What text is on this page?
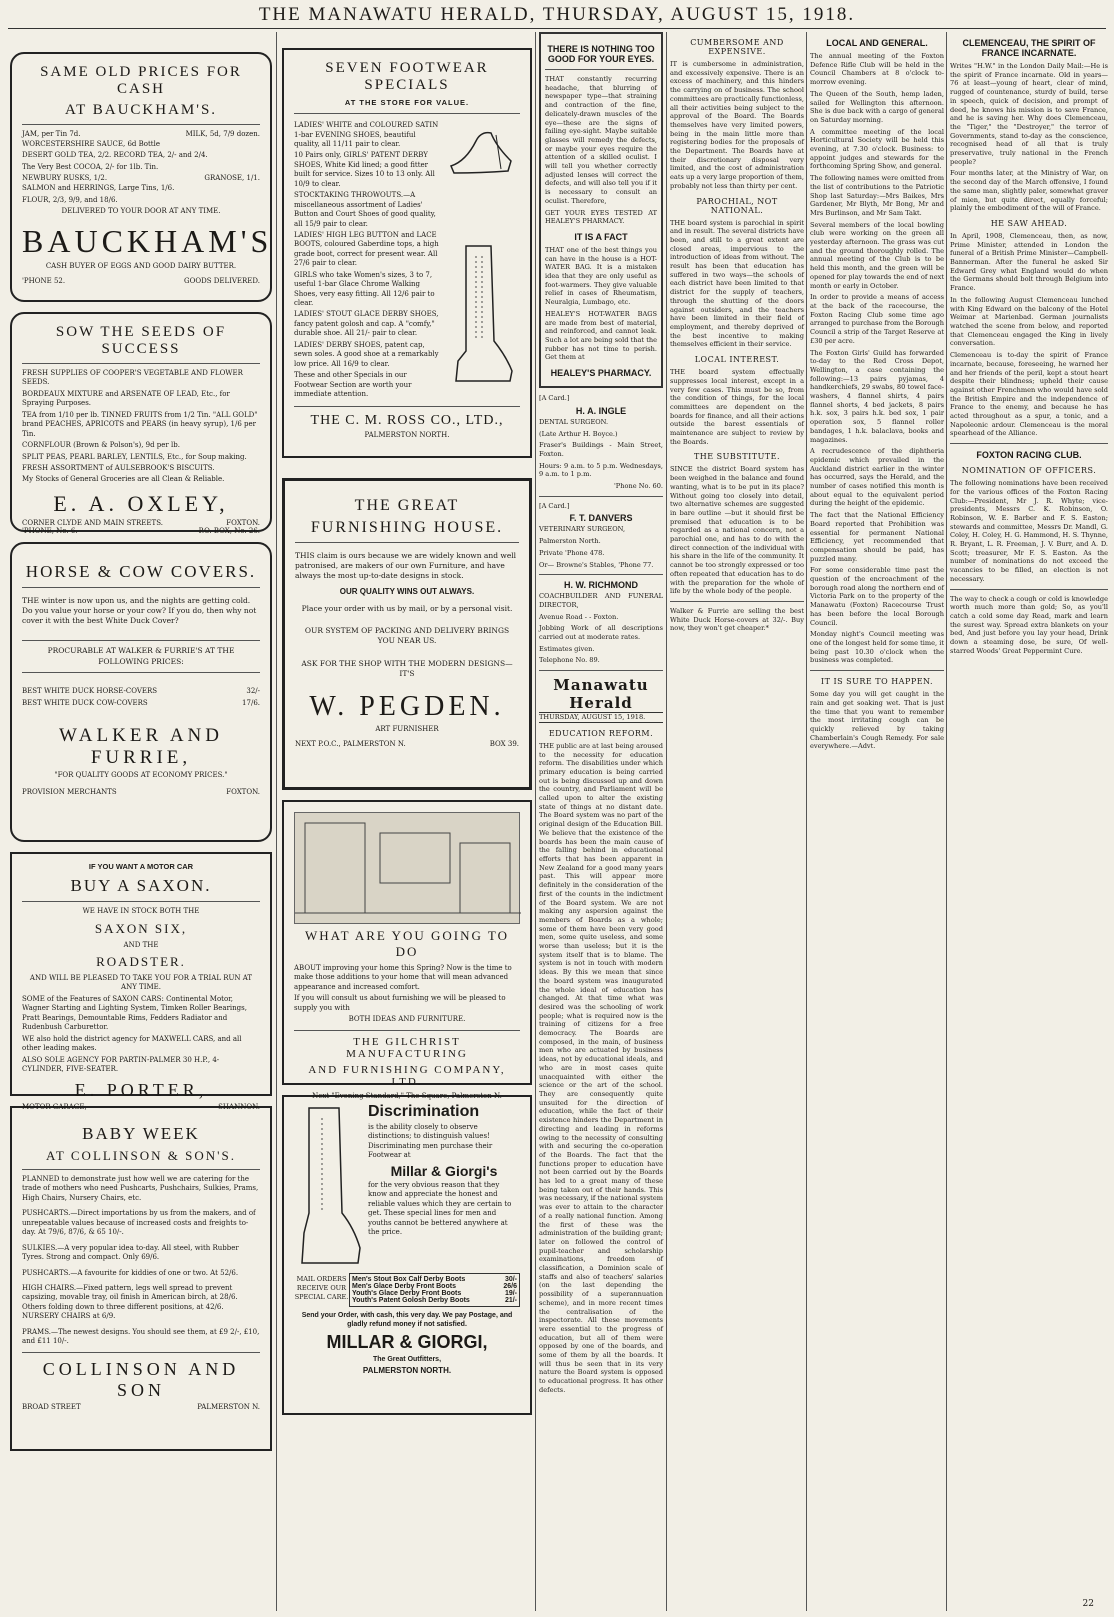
THE MANAWATU HERALD, THURSDAY, AUGUST 15, 1918.
SAME OLD PRICES FOR CASH
AT BAUCKHAM'S.
JAM, per Tin 7d.	MILK, 5d, 7/9 dozen.

WORCESTERSHIRE SAUCE, 6d Bottle

DESERT GOLD TEA, 2/2. RECORD TEA, 2/- and 2/4.

The Very Best COCOA, 2/- for 1lb. Tin.

NEWBURY RUSKS, 1/2.	GRANOSE, 1/1.

SALMON and HERRINGS, Large Tins, 1/6.

FLOUR, 2/3, 9/9, and 18/6.

DELIVERED TO YOUR DOOR AT ANY TIME.

BAUCKHAM'S

CASH BUYER OF EGGS AND GOOD DAIRY BUTTER.

'PHONE 52.	GOODS DELIVERED.
SOW THE SEEDS OF SUCCESS

FRESH SUPPLIES OF COOPER'S VEGETABLE AND FLOWER SEEDS.

BORDEAUX MIXTURE and ARSENATE OF LEAD, Etc., for Spraying Purposes.

TEA from 1/10 per lb. TINNED FRUITS from 1/2 Tin. "ALL GOLD" brand PEACHES, APRICOTS and PEARS (in heavy syrup), 1/6 per Tin.

CORNFLOUR (Brown & Polson's), 9d per lb.

SPLIT PEAS, PEARL BARLEY, LENTILS, Etc., for Soup making.

FRESH ASSORTMENT of AULSEBROOK'S BISCUITS.

My Stocks of General Groceries are all Clean & Reliable.

E. A. OXLEY,
CORNER CLYDE AND MAIN STREETS.	FOXTON.
'PHONE, No. 6.	P.O. BOX, No. 26.
HORSE & COW COVERS.

THE winter is now upon us, and the nights are getting cold. Do you value your horse or your cow? If you do, then why not cover it with the best White Duck Cover?

PROCURABLE AT WALKER & FURRIE'S AT THE FOLLOWING PRICES:

BEST WHITE DUCK HORSE-COVERS	32/-
BEST WHITE DUCK COW-COVERS	17/6.
WALKER AND FURRIE,

"FOR QUALITY GOODS AT ECONOMY PRICES."

PROVISION MERCHANTS	FOXTON.

IF YOU WANT A MOTOR CAR

BUY A SAXON.

WE HAVE IN STOCK BOTH THE

SAXON SIX,

AND THE

ROADSTER.

AND WILL BE PLEASED TO TAKE YOU FOR A TRIAL RUN AT ANY TIME.

SOME of the Features of SAXON CARS: Continental Motor, Wagner Starting and Lighting System, Timken Roller Bearings, Pratt Bearings, Demountable Rims, Fedders Radiator and Rudenbush Carburettor.

WE also hold the district agency for MAXWELL CARS, and all other leading makes.

ALSO SOLE AGENCY FOR PARTIN-PALMER 30 H.P., 4-CYLINDER, FIVE-SEATER.

E. PORTER,
MOTOR GARAGE,	SHANNON.
BABY WEEK
AT COLLINSON & SON'S.

PLANNED to demonstrate just how well we are catering for the trade of mothers who need Pushcarts, Pushchairs, Sulkies, Prams, High Chairs, Nursery Chairs, etc.

PUSHCARTS.—Direct importations by us from the makers, and of unrepeatable values because of increased costs and freights to-day. At 79/6, 87/6, & 65 10/-.

SULKIES.—A very popular idea to-day. All steel, with Rubber Tyres. Strong and compact. Only 69/6.

PUSHCARTS.—A favourite for kiddies of one or two. At 52/6.

HIGH CHAIRS.—Fixed pattern, legs well spread to prevent capsizing, movable tray, oil finish in American birch, at 28/6. Others folding down to three different positions, at 42/6. NURSERY CHAIRS at 6/9.

PRAMS.—The newest designs. You should see them, at £9 2/-, £10, and £11 10/-.

COLLINSON AND SON
BROAD STREET	PALMERSTON N.
SEVEN FOOTWEAR SPECIALS

AT THE STORE FOR VALUE.

LADIES' WHITE and COLOURED SATIN 1-bar EVENING SHOES, beautiful quality, all 11/11 pair to clear.

10 Pairs only, GIRLS' PATENT DERBY SHOES, White Kid lined; a good fitter built for service. Sizes 10 to 13 only. All 10/9 to clear.

STOCKTAKING THROWOUTS.—A miscellaneous assortment of Ladies' Button and Court Shoes of good quality, all 15/9 pair to clear.

LADIES' HIGH LEG BUTTON and LACE BOOTS, coloured Gaberdine tops, a high grade boot, correct for present wear. All 27/6 pair to clear.

GIRLS who take Women's sizes, 3 to 7, useful 1-bar Glace Chrome Walking Shoes, very easy fitting. All 12/6 pair to clear.

LADIES' STOUT GLACE DERBY SHOES, fancy patent golosh and cap. A "comfy," durable shoe. All 21/- pair to clear.

LADIES' DERBY SHOES, patent cap, sewn soles. A good shoe at a remarkably low price. All 16/9 to clear.

These and other Specials in our Footwear Section are worth your immediate attention.

THE C. M. ROSS CO., LTD.,

PALMERSTON NORTH.

THE GREAT
FURNISHING HOUSE.

THIS claim is ours because we are widely known and well patronised, are makers of our own Furniture, and have always the most up-to-date designs in stock.

OUR QUALITY WINS OUT ALWAYS.

Place your order with us by mail, or by a personal visit.

OUR SYSTEM OF PACKING AND DELIVERY BRINGS YOU NEAR US.

ASK FOR THE SHOP WITH THE MODERN DESIGNS—IT'S

W. PEGDEN.

ART FURNISHER

NEXT P.O.C., PALMERSTON N.	BOX 39.
WHAT ARE YOU GOING TO DO

ABOUT improving your home this Spring? Now is the time to make those additions to your home that will mean advanced appearance and increased comfort.

If you will consult us about furnishing we will be pleased to supply you with

BOTH IDEAS AND FURNITURE.

THE GILCHRIST MANUFACTURING
AND FURNISHING COMPANY, LTD.

Next "Evening Standard," The Square, Palmerston N.

Discrimination

is the ability closely to observe distinctions; to distinguish values! Discriminating men purchase their Footwear at

Millar & Giorgi's

for the very obvious reason that they know and appreciate the honest and reliable values which they are certain to get. These special lines for men and youths cannot be bettered anywhere at the price.

MAIL ORDERS RECEIVE OUR SPECIAL CARE.

Men's Stout Box Calf Derby Boots	30/-
Men's Glace Derby Front Boots	26/6
Youth's Glace Derby Front Boots	19/-
Youth's Patent Golosh Derby Boots	21/-

Send your Order, with cash, this very day. We pay Postage, and gladly refund money if not satisfied.

MILLAR & GIORGI,

The Great Outfitters,

PALMERSTON NORTH.

THERE IS NOTHING TOO GOOD FOR YOUR EYES.

THAT constantly recurring headache, that blurring of newspaper type—that straining and contraction of the fine, delicately-drawn muscles of the eye—these are the signs of failing eye-sight. Maybe suitable glasses will remedy the defects, or maybe your eyes require the attention of a skilled oculist. I will tell you whether correctly adjusted lenses will correct the defects, and will also tell you if it is necessary to consult an oculist. Therefore,

GET YOUR EYES TESTED AT HEALEY'S PHARMACY.

IT IS A FACT

THAT one of the best things you can have in the house is a HOT-WATER BAG. It is a mistaken idea that they are only useful as foot-warmers. They give valuable relief in cases of Rheumatism, Neuralgia, Lumbago, etc.

HEALEY'S HOT-WATER BAGS are made from best of material, and reinforced, and cannot leak. Such a lot are being sold that the rubber has not time to perish. Get them at

HEALEY'S PHARMACY.

[A Card.]

H. A. INGLE

DENTAL SURGEON.

(Late Arthur H. Boyce.)

Fraser's Buildings - Main Street, Foxton.

Hours: 9 a.m. to 5 p.m. Wednesdays, 9 a.m. to 1 p.m.

'Phone No. 60.

[A Card.]

F. T. DANVERS

VETERINARY SURGEON,

Palmerston North.

Private 'Phone 478.

Or— Browne's Stables, 'Phone 77.

H. W. RICHMOND

COACHBUILDER AND FUNERAL DIRECTOR,

Avenue Road - - Foxton.

Jobbing Work of all descriptions carried out at moderate rates.

Estimates given.

Telephone No. 89.

Manawatu Herald

THURSDAY, AUGUST 15, 1918.

EDUCATION REFORM.

THE public are at last being aroused to the necessity for education reform. The disabilities under which primary education is being carried out is being discussed up and down the country, and Parliament will be called upon to alter the existing state of things at no distant date. The Board system was no part of the original design of the Education Bill. We believe that the existence of the boards has been the main cause of the falling behind in educational efforts that has been apparent in New Zealand for a good many years past. This will appear more definitely in the consideration of the first of the counts in the indictment of the Board system. We are not making any aspersion against the members of Boards as a whole; some of them have been very good men, some quite useless, and some worse than useless; but it is the system itself that is to blame. The system is not in touch with modern ideas. By this we mean that since the board system was inaugurated the whole ideal of education has changed. At that time what was desired was the schooling of work people; what is required now is the training of citizens for a free democracy. The Boards are composed, in the main, of business men who are actuated by business ideas, not by educational ideals, and who are in most cases quite unacquainted with either the science or the art of the school. They are consequently quite unsuited for the direction of education, while the fact of their existence hinders the Department in directing and leading in reforms owing to the necessity of consulting with and securing the co-operation of the Boards. The fact that the functions proper to education have not been carried out by the Boards has led to a great many of these being taken out of their hands. This was necessary, if the national system was ever to attain to the character of a really national function. Among the first of these was the administration of the building grant; later on followed the control of pupil-teacher and scholarship examinations, freedom of classification, a Dominion scale of staffs and also of teachers' salaries (on the last depending the possibility of a superannuation scheme), and in more recent times the centralisation of the inspectorate. All these movements were essential to the progress of education, but all of them were opposed by one of the boards, and some of them by all the boards. It will thus be seen that in its very nature the Board system is opposed to educational progress. It has other defects.

CUMBERSOME AND EXPENSIVE.

IT is cumbersome in administration, and excessively expensive. There is an excess of machinery, and this hinders the carrying on of business. The school committees are practically functionless, all their activities being subject to the approval of the Board. The Boards themselves have very limited powers, being in the main little more than registering bodies for the proposals of the Department. The Boards have at their discretionary disposal very limited, and the cost of administration eats up a very large proportion of them, probably not less than thirty per cent.

PAROCHIAL, NOT NATIONAL.

THE board system is parochial in spirit and in result. The several districts have been, and still to a great extent are closed areas, impervious to the introduction of ideas from without. The result has been that education has suffered in two ways—the schools of each district have been limited to that district for the supply of teachers, through the shutting of the doors against outsiders, and the teachers have been limited in their field of employment, and thereby deprived of the best incentive to making themselves efficient in their service.

LOCAL INTEREST.

THE board system effectually suppresses local interest, except in a very few cases. This must be so, from the condition of things, for the local committees are dependent on the boards for finance, and all their actions outside the barest essentials of maintenance are subject to review by the Boards.

THE SUBSTITUTE.

SINCE the district Board system has been weighed in the balance and found wanting, what is to be put in its place? Without going too closely into detail, two alternative schemes are suggested in bare outline —but it should first be premised that education is to be regarded as a national concern, not a parochial one, and has to do with the direct connection of the individual with his share in the life of the community. It cannot be too strongly expressed or too often repeated that education has to do with the preparation for the whole of life by the whole body of the people.

Walker & Furrie are selling the best White Duck Horse-covers at 32/-. Buy now, they won't get cheaper.*

LOCAL AND GENERAL.

The annual meeting of the Foxton Defence Rifle Club will be held in the Council Chambers at 8 o'clock to-morrow evening.

The Queen of the South, hemp laden, sailed for Wellington this afternoon. She is due back with a cargo of general on Saturday morning.

A committee meeting of the local Horticultural Society will be held this evening, at 7.30 o'clock. Business: to appoint judges and stewards for the forthcoming Spring Show, and general.

The following names were omitted from the list of contributions to the Patriotic Shop last Saturday:—Mrs Baikes, Mrs Gardener, Mr Blyth, Mr Bong, Mr and Mrs Burlinson, and Mr Sam Takt.

Several members of the local bowling club were working on the green all yesterday afternoon. The grass was cut and the ground thoroughly rolled. The annual meeting of the Club is to be held this month, and the green will be opened for play towards the end of next month or early in October.

In order to provide a means of access at the back of the racecourse, the Foxton Racing Club some time ago arranged to purchase from the Borough Council a strip of the Target Reserve at £30 per acre.

The Foxton Girls' Guild has forwarded to-day to the Red Cross Depot, Wellington, a case containing the following:—13 pairs pyjamas, 4 handkerchiefs, 29 swabs, 80 towel face-washers, 4 flannel shirts, 4 pairs flannel shorts, 4 bed jackets, 8 pairs h.k. sox, 3 pairs h.k. bed sox, 1 pair operation sox, 5 flannel roller bandages, 1 h.k. balaclava, books and magazines.

A recrudescence of the diphtheria epidemic which prevailed in the Auckland district earlier in the winter has occurred, says the Herald, and the number of cases notified this month is about equal to the equivalent period during the height of the epidemic.

The fact that the National Efficiency Board reported that Prohibition was essential for permanent National Efficiency, yet recommended that compensation should be paid, has puzzled many.

For some considerable time past the question of the encroachment of the borough road along the northern end of Victoria Park on to the property of the Manawatu (Foxton) Racecourse Trust has been before the local Borough Council.

Monday night's Council meeting was one of the longest held for some time, it being past 10.30 o'clock when the business was completed.

IT IS SURE TO HAPPEN.

Some day you will get caught in the rain and get soaking wet. That is just the time that you want to remember the most irritating cough can be quickly relieved by taking Chamberlain's Cough Remedy. For sale everywhere.—Advt.

CLEMENCEAU, THE SPIRIT OF FRANCE INCARNATE.

Writes "H.W." in the London Daily Mail:—He is the spirit of France incarnate. Old in years—76 at least—young of heart, clear of mind, rugged of countenance, sturdy of build, terse in speech, quick of decision, and prompt of deed, he knows his mission is to save France, and he is saving her. Why does Clemenceau, the "Tiger," the "Destroyer," the terror of Governments, stand to-day as the conscience, recognised head of all that is truly preservative, truly national in the French people?

Four months later, at the Ministry of War, on the second day of the March offensive, I found the same man, slightly paler, somewhat graver of mien, but quite direct, equally forceful; plainly the embodiment of the will of France.

HE SAW AHEAD.

In April, 1908, Clemenceau, then, as now, Prime Minister, attended in London the funeral of a British Prime Minister—Campbell-Bannerman. After the funeral he asked Sir Edward Grey what England would do when the Germans should bolt through Belgium into France.

In the following August Clemenceau lunched with King Edward on the balcony of the Hotel Weimar at Marienbad. German journalists watched the scene from below, and reported that Clemenceau engaged the King in lively conversation.

Clemenceau is to-day the spirit of France incarnate, because, foreseeing, he warned her and her friends of the peril, kept a stout heart despite their blindness; upheld their cause against other Frenchmen who would have sold the British Empire and the independence of France to the enemy, and because he has acted throughout as a spur, a tonic, and a Napoleonic ardour. Clemenceau is the moral spearhead of the Alliance.

FOXTON RACING CLUB.
NOMINATION OF OFFICERS.

The following nominations have been received for the various offices of the Foxton Racing Club:—President, Mr J. R. Whyte; vice-presidents, Messrs C. K. Robinson, O. Robinson, W. E. Barber and F. S. Easton; stewards and committee, Messrs Dr. Mandl, G. Coley, H. Coley, H. G. Hammond, H. S. Thynne, R. Bryant, L. R. Freeman, J. V. Burr, and A. D. Scott; treasurer, Mr F. S. Easton. As the number of nominations do not exceed the vacancies to be filled, an election is not necessary.

The way to check a cough or cold is knowledge worth much more than gold; So, as you'll catch a cold some day Read, mark and learn the surest way. Spread extra blankets on your bed, And just before you lay your head, Drink down a steaming dose, be sure, Of well-starred Woods' Great Peppermint Cure.

22
